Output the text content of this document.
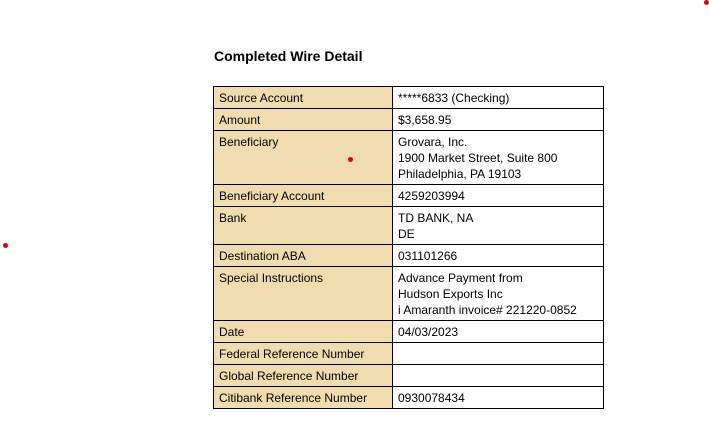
Completed Wire Detail
Source Account	*****6833 (Checking)

Amount	$3,658.95

Beneficiary	Grovara, Inc.
1900 Market Street, Suite 800
Philadelphia, PA 19103

Beneficiary Account	4259203994

Bank	TD BANK, NA
DE

Destination ABA	031101266

Special Instructions	Advance Payment from
Hudson Exports Inc
i Amaranth invoice# 221220-0852

Date	04/03/2023

Federal Reference Number	

Global Reference Number	

Citibank Reference Number	0930078434
